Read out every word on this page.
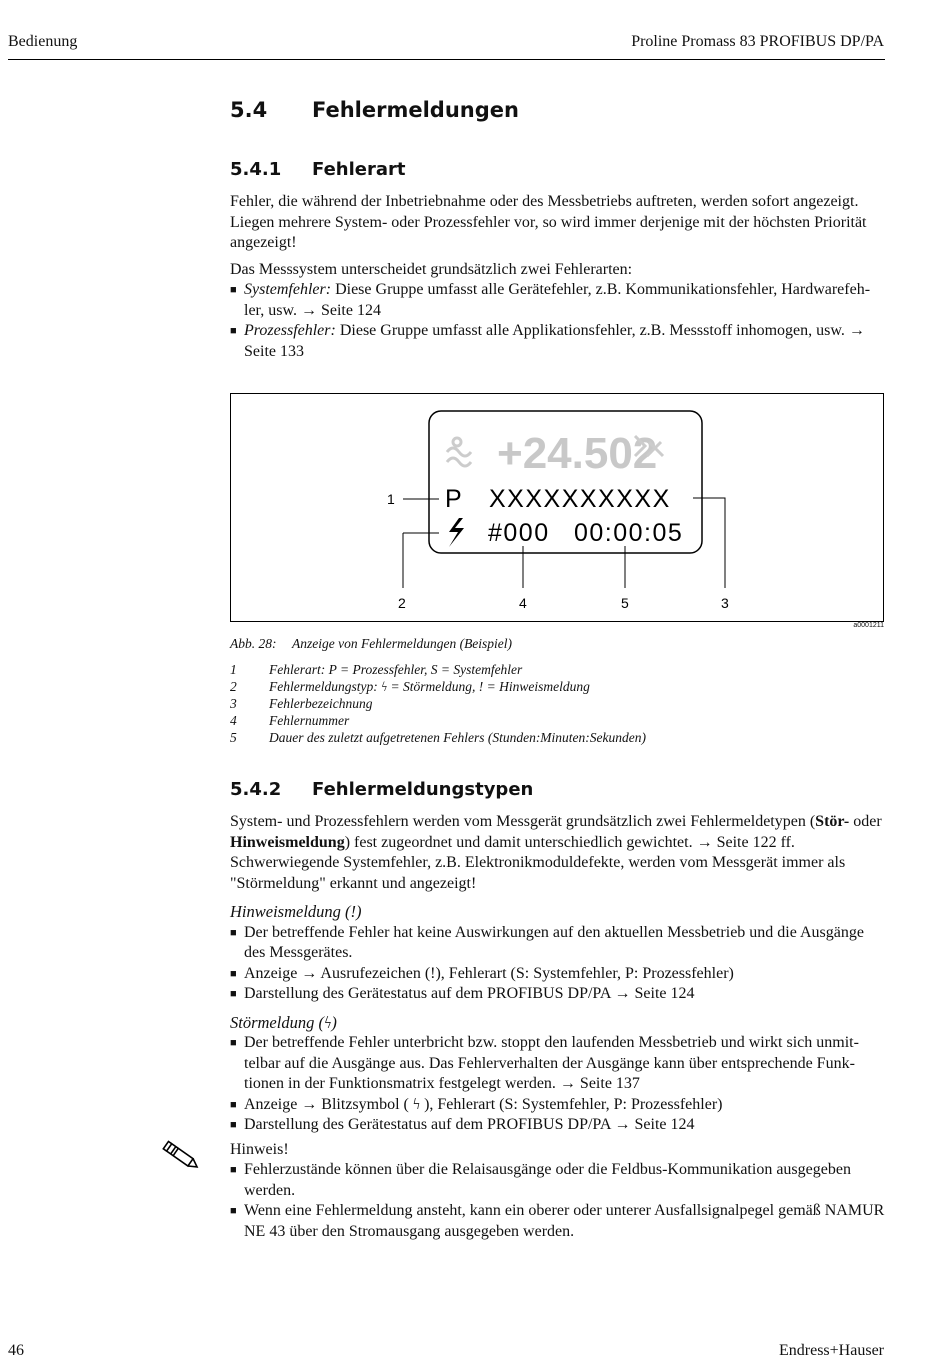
Bedienung	Proline Promass 83 PROFIBUS DP/PA
5.4 Fehlermeldungen
5.4.1 Fehlerart

Fehler, die während der Inbetriebnahme oder des Messbetriebs auftreten, werden sofort angezeigt. Liegen mehrere System- oder Prozessfehler vor, so wird immer derjenige mit der höchsten Priorität angezeigt!

Das Messsystem unterscheidet grundsätzlich zwei Fehlerarten:

■ Systemfehler: Diese Gruppe umfasst alle Gerätefehler, z.B. Kommunikationsfehler, Hardwarefeh-ler, usw. → Seite 124
■ Prozessfehler: Diese Gruppe umfasst alle Applikationsfehler, z.B. Messstoff inhomogen, usw. → Seite 133
+24.502
P XXXXXXXXXX
#000 00:00:05
1
2	4	5	3
a0001211
Abb. 28: Anzeige von Fehlermeldungen (Beispiel)
1 Fehlerart: P = Prozessfehler, S = Systemfehler
2 Fehlermeldungstyp: ϟ = Störmeldung, ! = Hinweismeldung
3 Fehlerbezeichnung
4 Fehlernummer
5 Dauer des zuletzt aufgetretenen Fehlers (Stunden:Minuten:Sekunden)
5.4.2 Fehlermeldungstypen

System- und Prozessfehlern werden vom Messgerät grundsätzlich zwei Fehlermeldetypen (Stör- oder Hinweismeldung) fest zugeordnet und damit unterschiedlich gewichtet. → Seite 122 ff. Schwerwiegende Systemfehler, z.B. Elektronikmoduldefekte, werden vom Messgerät immer als "Störmeldung" erkannt und angezeigt!

Hinweismeldung (!)
■ Der betreffende Fehler hat keine Auswirkungen auf den aktuellen Messbetrieb und die Ausgänge des Messgerätes.
■ Anzeige → Ausrufezeichen (!), Fehlerart (S: Systemfehler, P: Prozessfehler)
■ Darstellung des Gerätestatus auf dem PROFIBUS DP/PA → Seite 124
Störmeldung (ϟ)
■ Der betreffende Fehler unterbricht bzw. stoppt den laufenden Messbetrieb und wirkt sich unmit-telbar auf die Ausgänge aus. Das Fehlerverhalten der Ausgänge kann über entsprechende Funk-tionen in der Funktionsmatrix festgelegt werden. → Seite 137
■ Anzeige → Blitzsymbol ( ϟ ), Fehlerart (S: Systemfehler, P: Prozessfehler)
■ Darstellung des Gerätestatus auf dem PROFIBUS DP/PA → Seite 124
Hinweis!
■ Fehlerzustände können über die Relaisausgänge oder die Feldbus-Kommunikation ausgegeben werden.
■ Wenn eine Fehlermeldung ansteht, kann ein oberer oder unterer Ausfallsignalpegel gemäß NAMUR NE 43 über den Stromausgang ausgegeben werden.
46	Endress+Hauser
